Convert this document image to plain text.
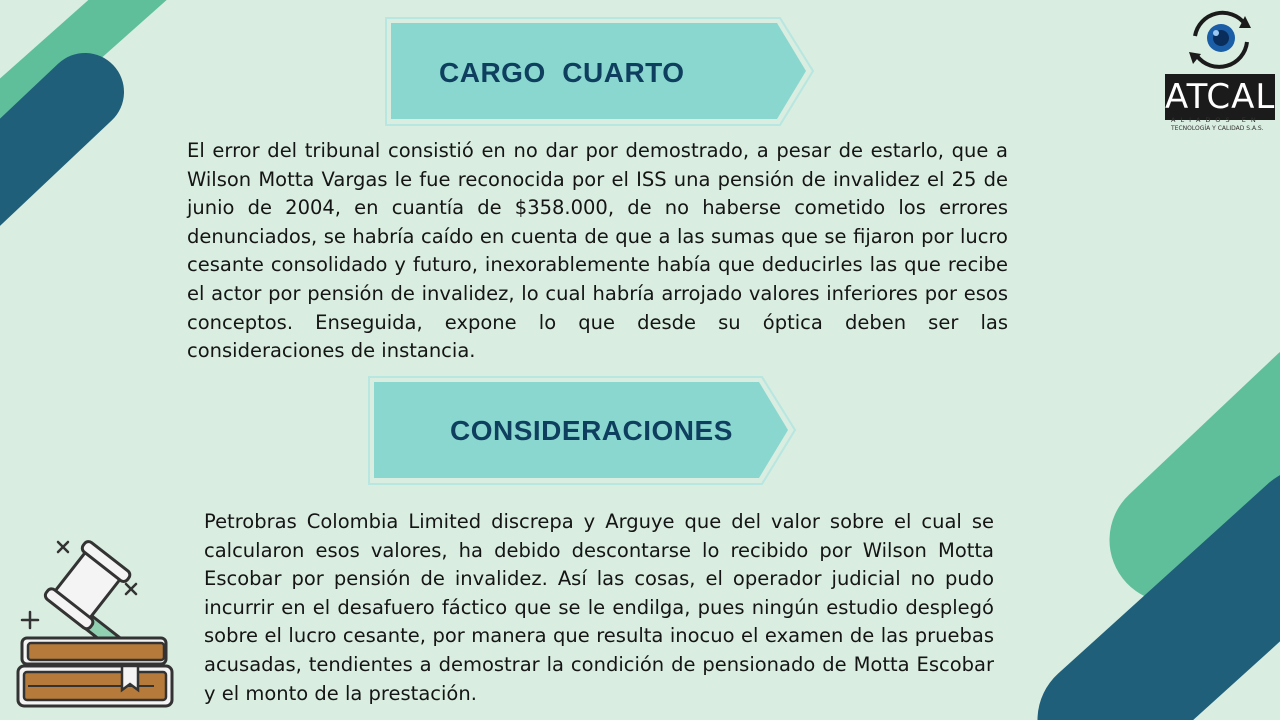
CARGO  CUARTO

El error del tribunal consistió en no dar por demostrado, a pesar de estarlo, que a Wilson Motta Vargas le fue reconocida por el ISS una pensión de invalidez el 25 de junio de 2004, en cuantía de $358.000, de no haberse cometido los errores denunciados, se habría caído en cuenta de que a las sumas que se fijaron por lucro cesante consolidado y futuro, inexorablemente había que deducirles las que recibe el actor por pensión de invalidez, lo cual habría arrojado valores inferiores por esos conceptos. Enseguida, expone lo que desde su óptica deben ser las consideraciones de instancia.

CONSIDERACIONES

Petrobras Colombia Limited discrepa y Arguye que del valor sobre el cual se calcularon esos valores, ha debido descontarse lo recibido por Wilson Motta Escobar por pensión de invalidez. Así las cosas, el operador judicial no pudo incurrir en el desafuero fáctico que se le endilga, pues ningún estudio desplegó sobre el lucro cesante, por manera que resulta inocuo el examen de las pruebas acusadas, tendientes a demostrar la condición de pensionado de Motta Escobar y el monto de la prestación.

ATCAL
ALIADOS EN
TECNOLOGÍA Y CALIDAD S.A.S.
